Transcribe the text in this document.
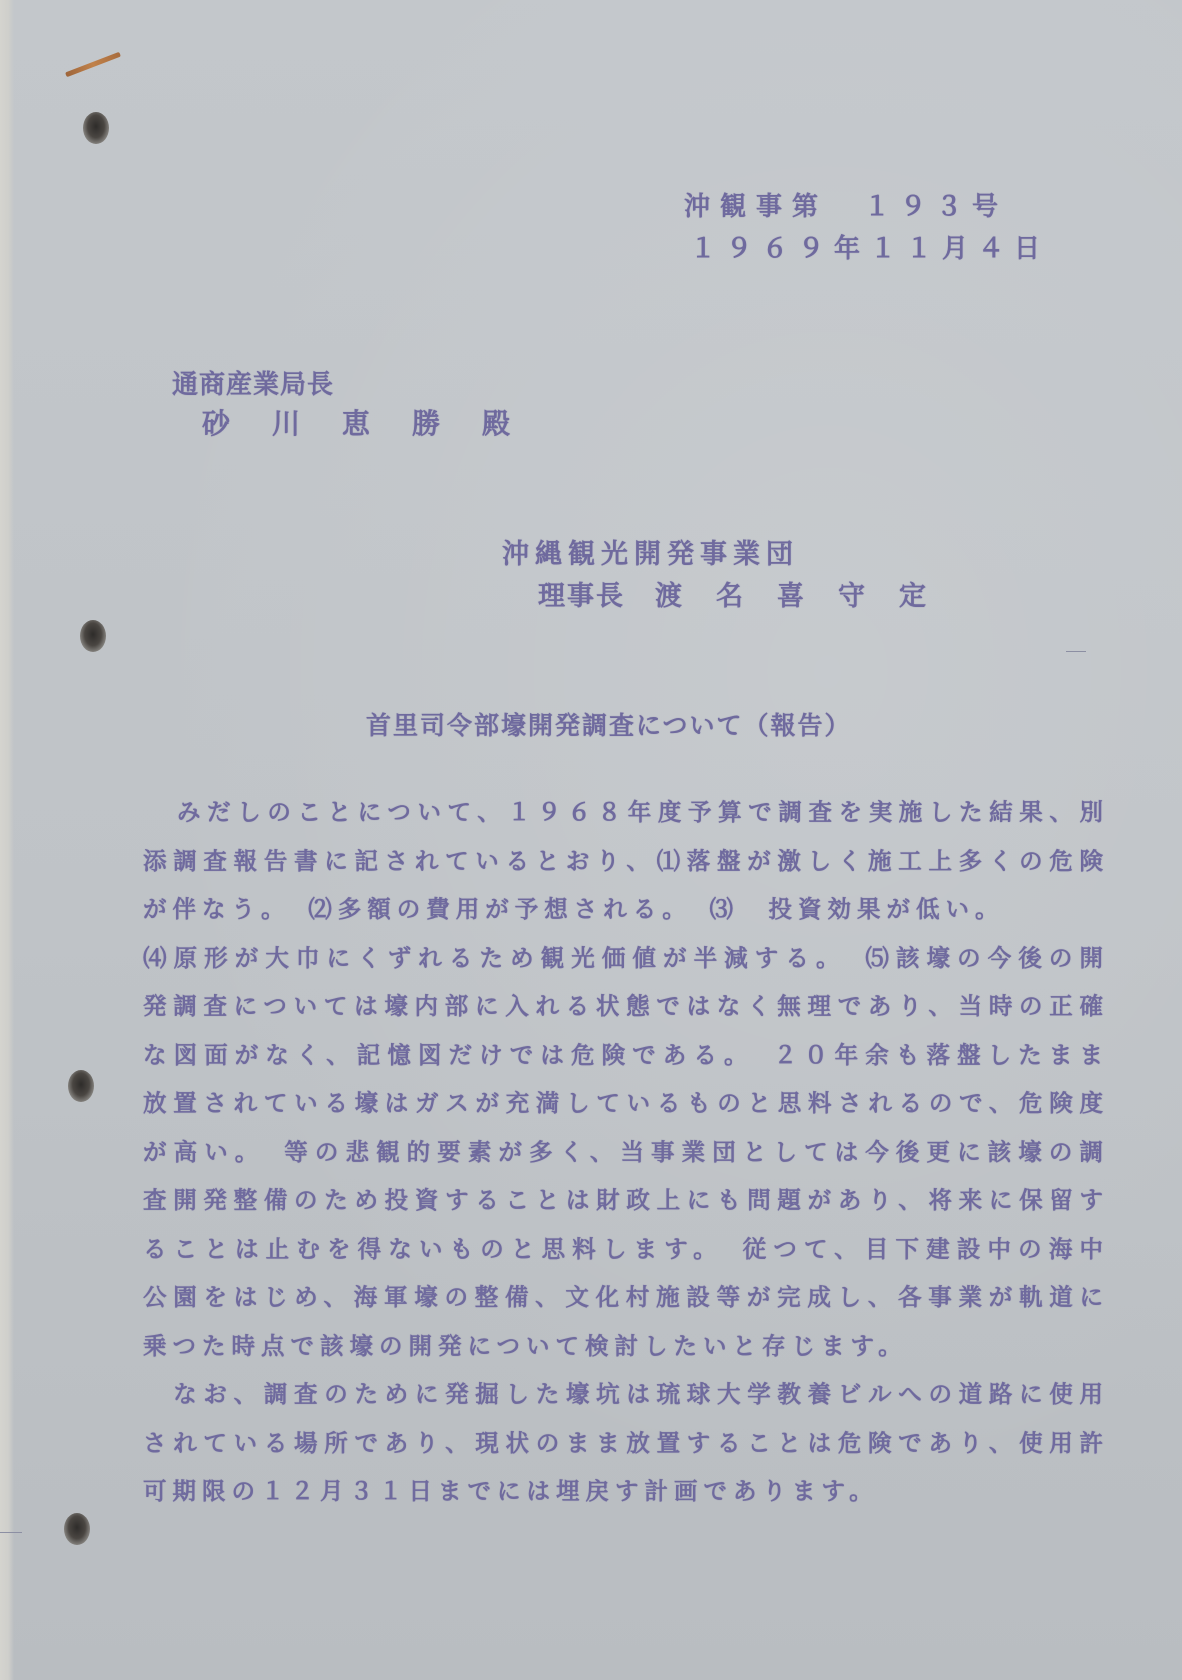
沖観事第　１９３号

１９６９年１１月４日

通商産業局長

砂川恵勝殿

沖縄観光開発事業団

理事長 渡名喜守定

首里司令部壕開発調査について（報告）

みだしのことについて、１９６８年度予算で調査を実施した結果、別
添調査報告書に記されているとおり、⑴落盤が激しく施工上多くの危険
が伴なう。　⑵多額の費用が予想される。　⑶　投資効果が低い。
⑷原形が大巾にくずれるため観光価値が半減する。　⑸該壕の今後の開
発調査については壕内部に入れる状態ではなく無理であり、当時の正確
な図面がなく、記憶図だけでは危険である。　２０年余も落盤したまま
放置されている壕はガスが充満しているものと思料されるので、危険度
が高い。　等の悲観的要素が多く、当事業団としては今後更に該壕の調
査開発整備のため投資することは財政上にも問題があり、将来に保留す
ることは止むを得ないものと思料します。　従つて、目下建設中の海中
公園をはじめ、海軍壕の整備、文化村施設等が完成し、各事業が軌道に
乗つた時点で該壕の開発について検討したいと存じます。
　なお、調査のために発掘した壕坑は琉球大学教養ビルへの道路に使用
されている場所であり、現状のまま放置することは危険であり、使用許
可期限の１２月３１日までには埋戻す計画であります。
